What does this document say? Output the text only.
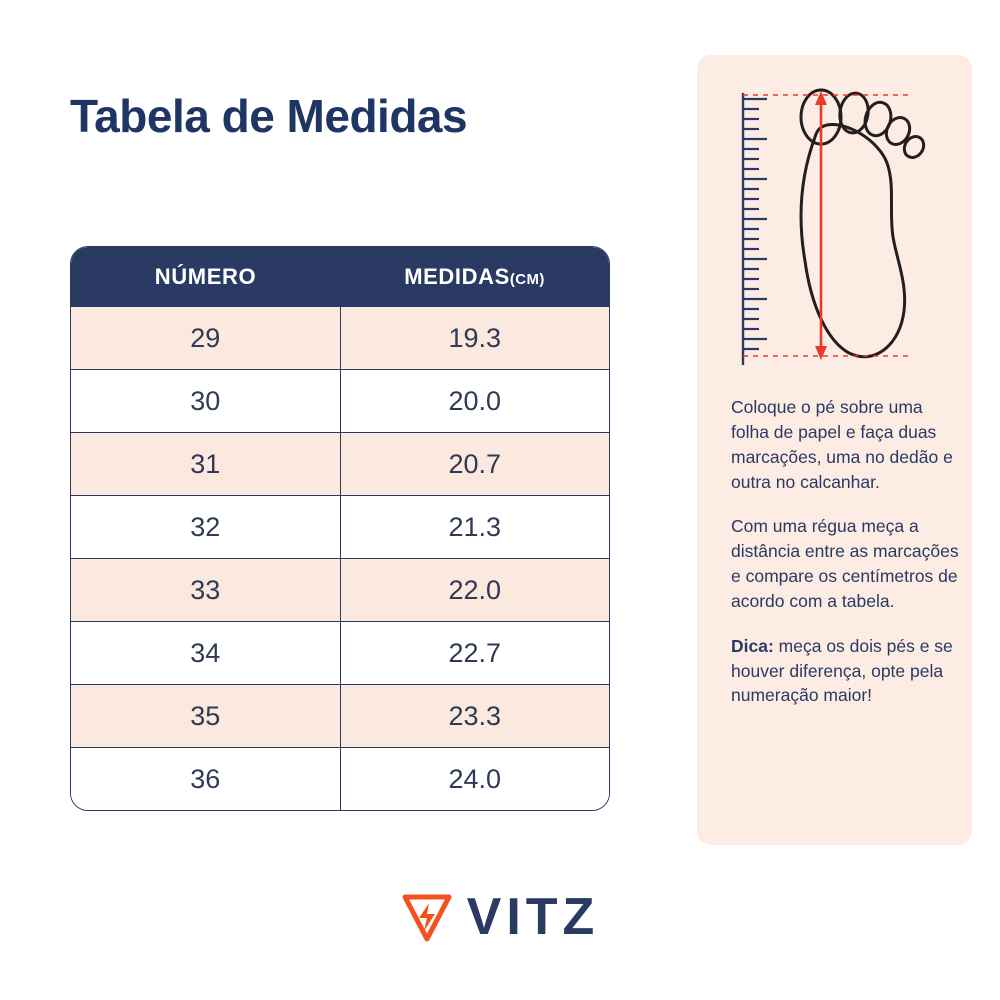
Tabela de Medidas
NÚMERO	MEDIDAS(CM)
29	19.3
30	20.0
31	20.7
32	21.3
33	22.0
34	22.7
35	23.3
36	24.0

Coloque o pé sobre uma folha de papel e faça duas marcações, uma no dedão e outra no calcanhar.

Com uma régua meça a distância entre as marcações e compare os centímetros de acordo com a tabela.

Dica: meça os dois pés e se houver diferença, opte pela numeração maior!

VITZ
